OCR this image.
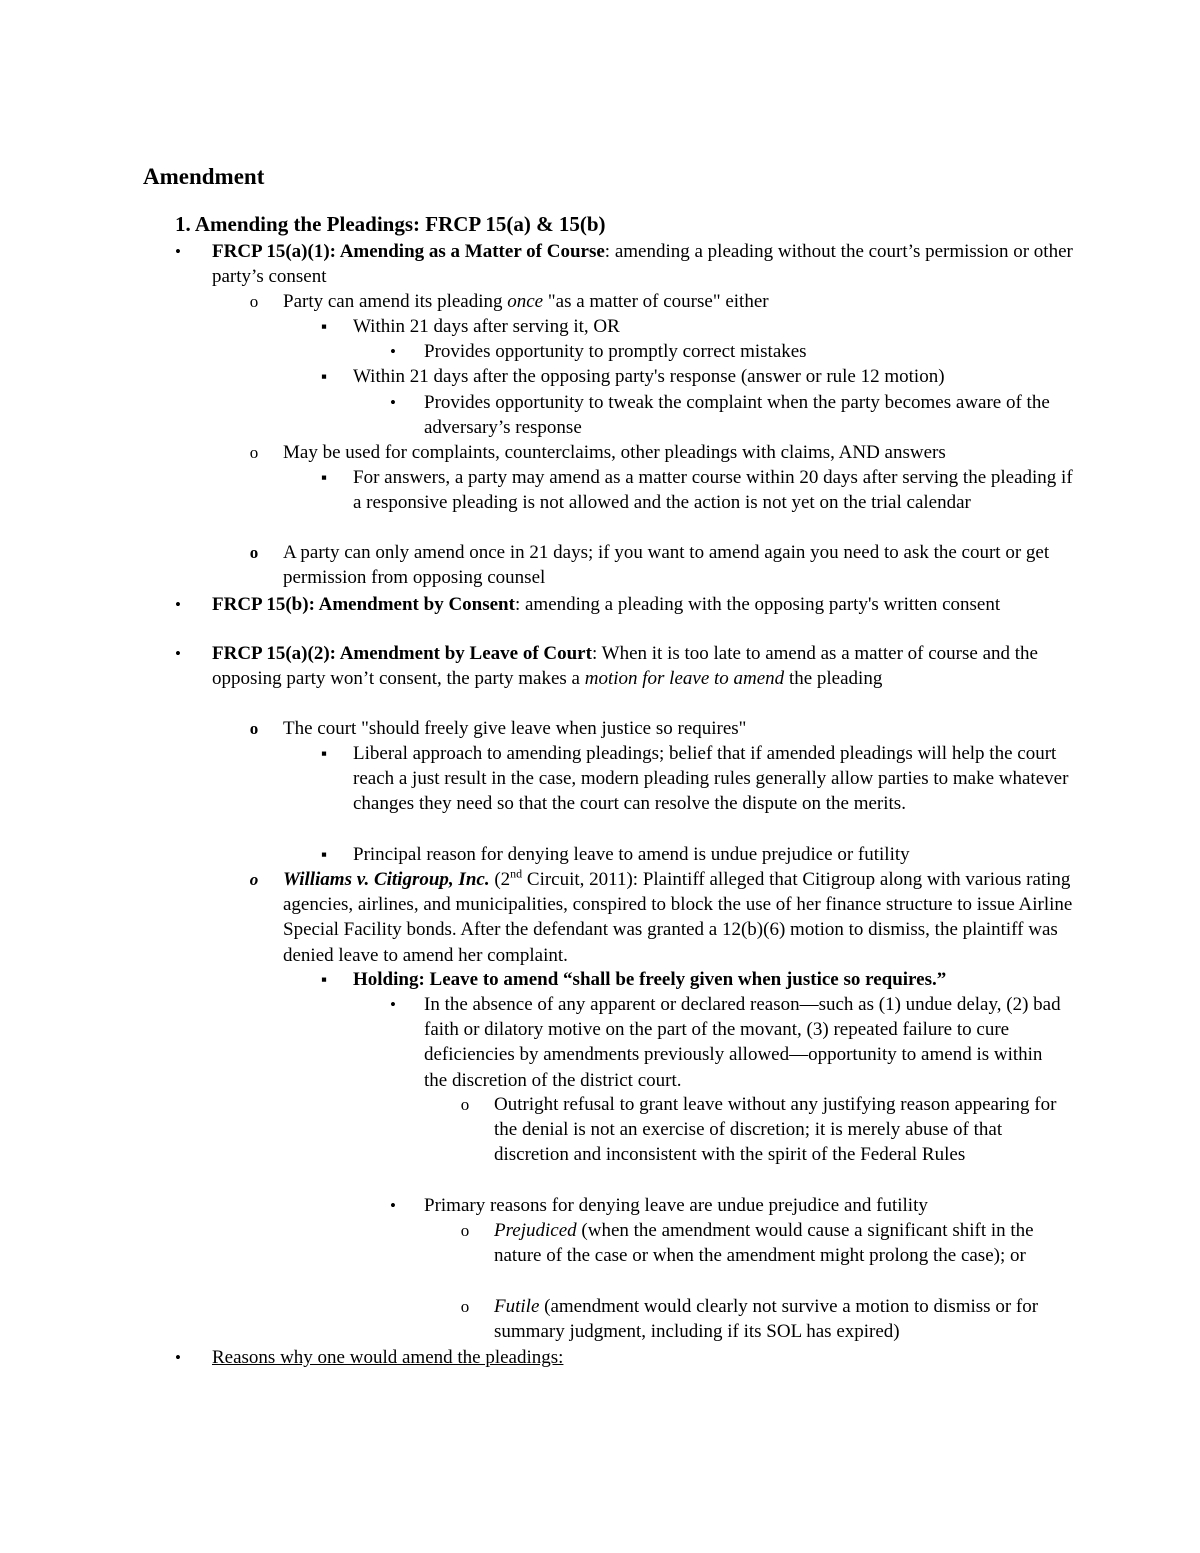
Amendment
1. Amending the Pleadings: FRCP 15(a) & 15(b)
•	FRCP 15(a)(1): Amending as a Matter of Course: amending a pleading without the court’s permission or other party’s consent
o	Party can amend its pleading once "as a matter of course" either
▪	Within 21 days after serving it, OR
•	Provides opportunity to promptly correct mistakes
▪	Within 21 days after the opposing party's response (answer or rule 12 motion)
•	Provides opportunity to tweak the complaint when the party becomes aware of the adversary’s response
o	May be used for complaints, counterclaims, other pleadings with claims, AND answers
▪	For answers, a party may amend as a matter course within 20 days after serving the pleading if a responsive pleading is not allowed and the action is not yet on the trial calendar
o	A party can only amend once in 21 days; if you want to amend again you need to ask the court or get permission from opposing counsel
•	FRCP 15(b): Amendment by Consent: amending a pleading with the opposing party's written consent
•	FRCP 15(a)(2): Amendment by Leave of Court: When it is too late to amend as a matter of course and the opposing party won’t consent, the party makes a motion for leave to amend the pleading
o	The court "should freely give leave when justice so requires"
▪	Liberal approach to amending pleadings; belief that if amended pleadings will help the court reach a just result in the case, modern pleading rules generally allow parties to make whatever changes they need so that the court can resolve the dispute on the merits.
▪	Principal reason for denying leave to amend is undue prejudice or futility
o	Williams v. Citigroup, Inc. (2nd Circuit, 2011): Plaintiff alleged that Citigroup along with various rating agencies, airlines, and municipalities, conspired to block the use of her finance structure to issue Airline Special Facility bonds. After the defendant was granted a 12(b)(6) motion to dismiss, the plaintiff was denied leave to amend her complaint.
▪	Holding: Leave to amend “shall be freely given when justice so requires.”
•	In the absence of any apparent or declared reason—such as (1) undue delay, (2) bad faith or dilatory motive on the part of the movant, (3) repeated failure to cure deficiencies by amendments previously allowed—opportunity to amend is within the discretion of the district court.
o	Outright refusal to grant leave without any justifying reason appearing for the denial is not an exercise of discretion; it is merely abuse of that discretion and inconsistent with the spirit of the Federal Rules
•	Primary reasons for denying leave are undue prejudice and futility
o	Prejudiced (when the amendment would cause a significant shift in the nature of the case or when the amendment might prolong the case); or
o	Futile (amendment would clearly not survive a motion to dismiss or for summary judgment, including if its SOL has expired)
•	Reasons why one would amend the pleadings:
